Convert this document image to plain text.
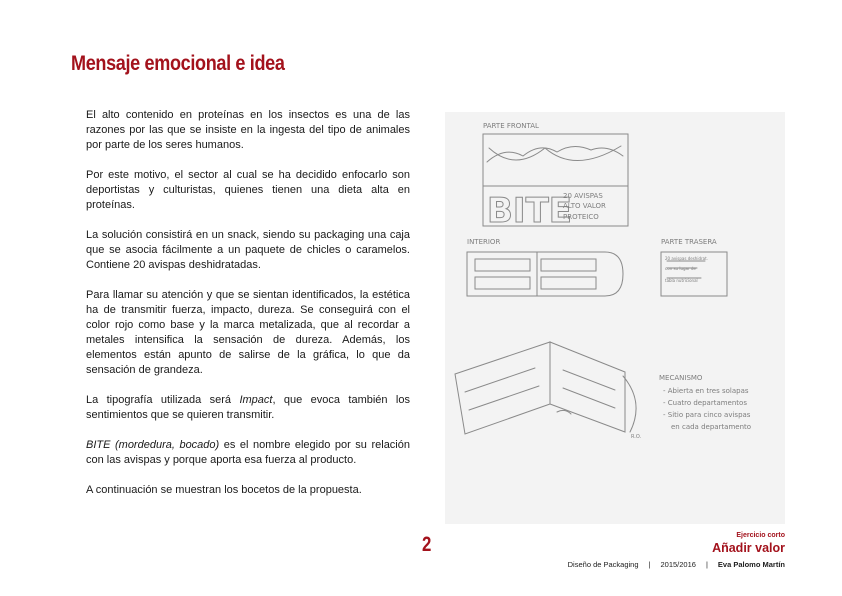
Mensaje emocional e idea

El alto contenido en proteínas en los insectos es una de las razones por las que se insiste en la ingesta del tipo de animales por parte de los seres humanos.

Por este motivo, el sector al cual se ha decidido enfocarlo son deportistas y culturistas, quienes tienen una dieta alta en proteínas.

La solución consistirá en un snack, siendo su packaging una caja que se asocia fácilmente a un paquete de chicles o caramelos. Contiene 20 avispas deshidratadas.

Para llamar su atención y que se sientan identificados, la estética ha de transmitir fuerza, impacto, dureza. Se conseguirá con el color rojo como base y la marca metalizada, que al recordar a metales intensifica la sensación de dureza. Además, los elementos están apunto de salirse de la gráfica, lo que da sensación de grandeza.

La tipografía utilizada será Impact, que evoca también los sentimientos que se quieren transmitir.

BITE (mordedura, bocado) es el nombre elegido por su relación con las avispas y porque aporta esa fuerza al producto.

A continuación se muestran los bocetos de la propuesta.

PARTE FRONTAL
BITE
20 AVISPAS
ALTO VALOR
PROTEICO
INTERIOR	PARTE TRASERA
20 avispas deshidrat.
con su lugar de
tabla nutricional
MECANISMO
- Abierta en tres solapas
- Cuatro departamentos
- Sitio para cinco avispas
en cada departamento
R.O.
2	Ejercicio corto
Añadir valor
Diseño de Packaging | 2015/2016 | Eva Palomo Martín
